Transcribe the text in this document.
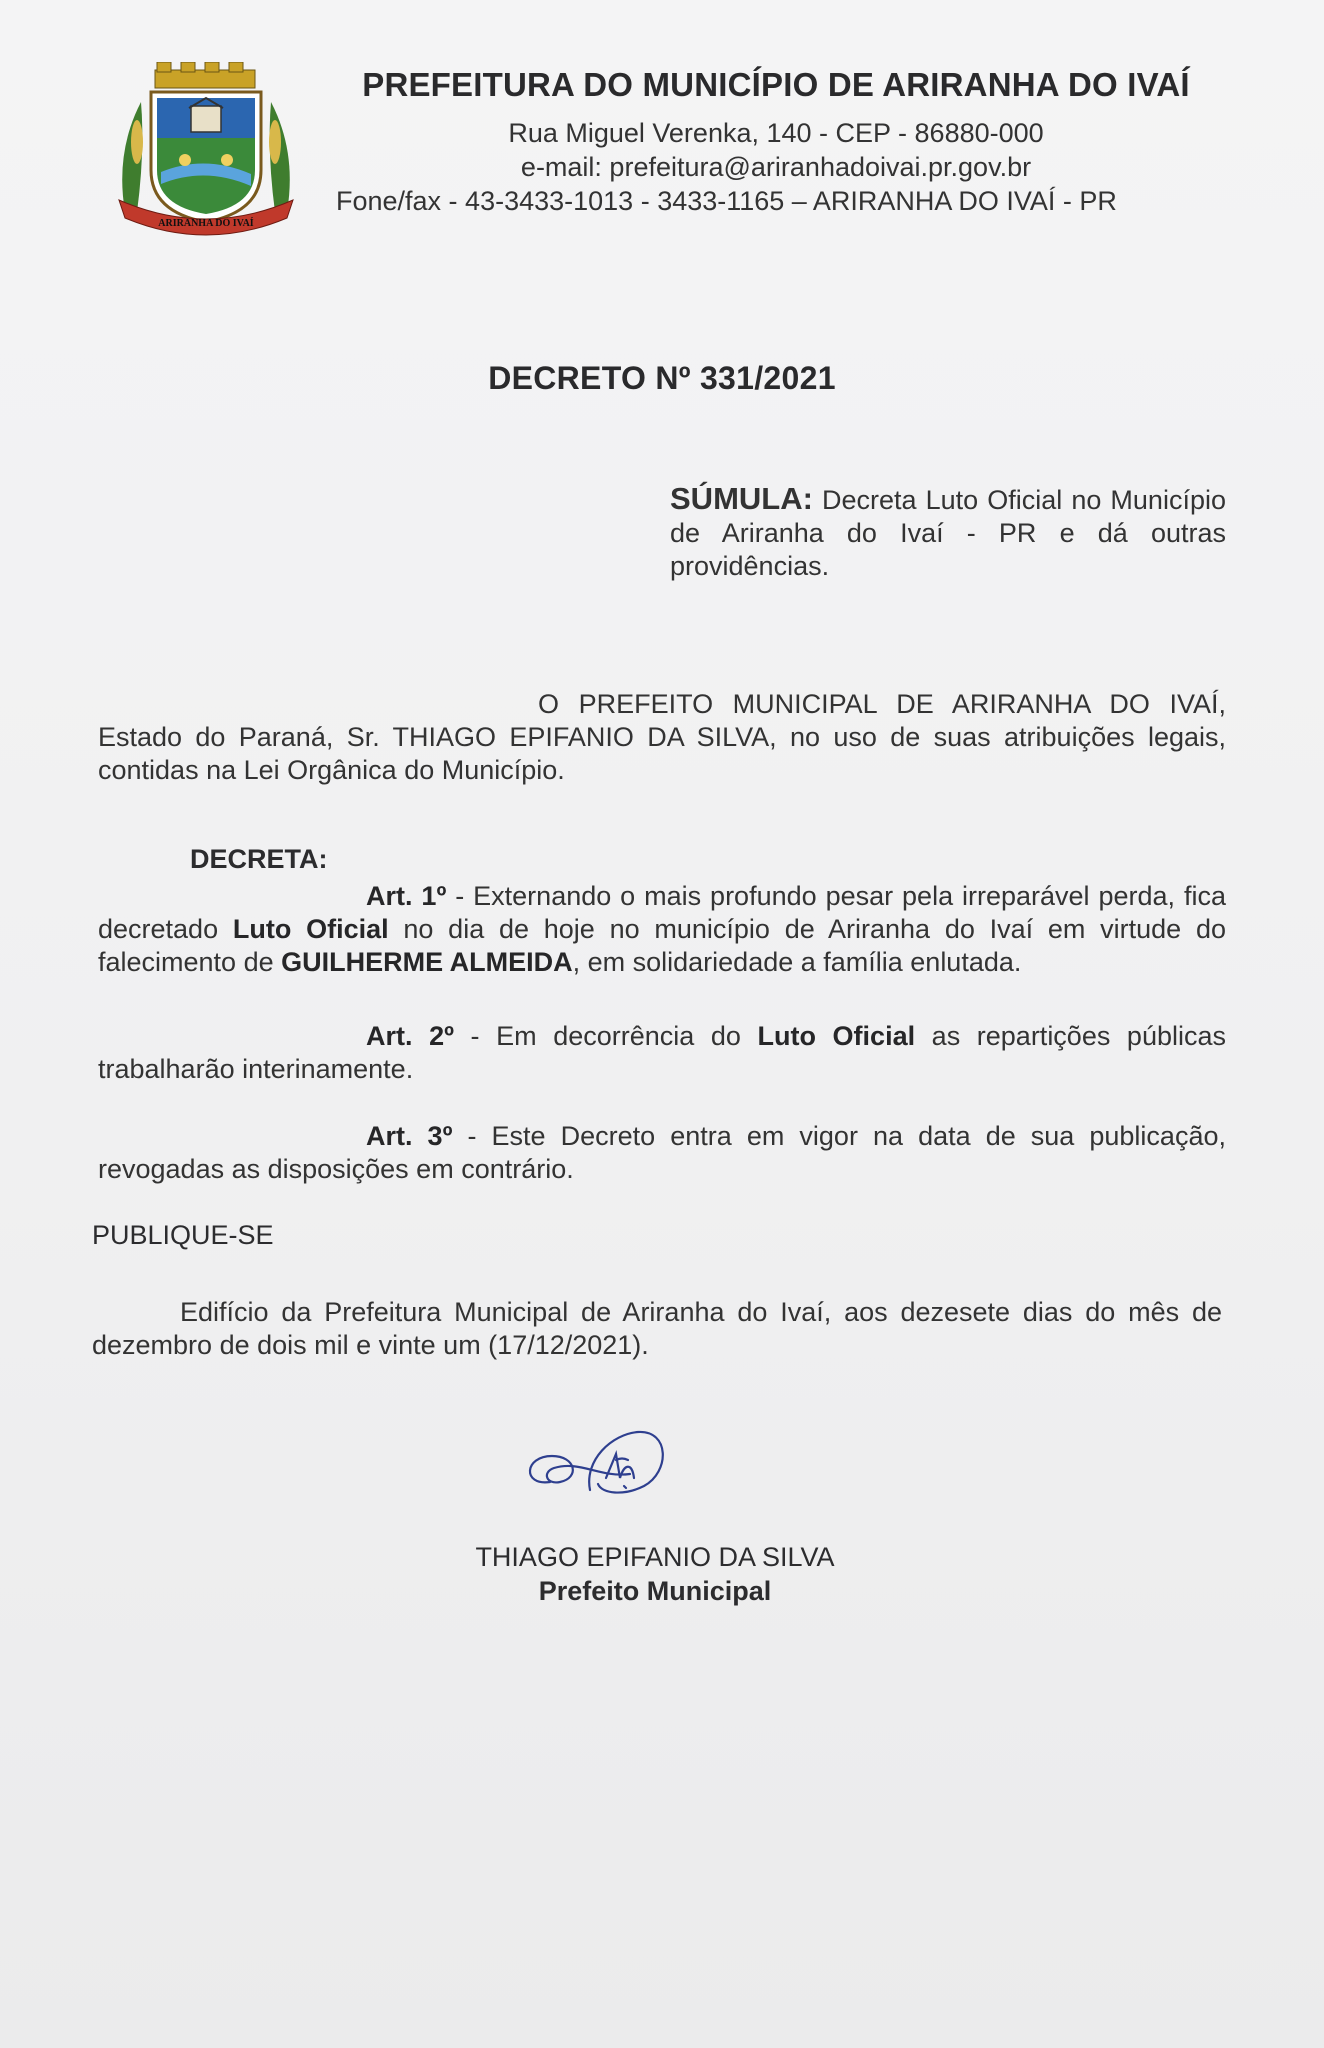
ARIRANHA DO IVAÍ
PREFEITURA DO MUNICÍPIO DE ARIRANHA DO IVAÍ
Rua Miguel Verenka, 140 - CEP - 86880-000
e-mail: prefeitura@ariranhadoivai.pr.gov.br
Fone/fax - 43-3433-1013 - 3433-1165 – ARIRANHA DO IVAÍ - PR
DECRETO Nº 331/2021
SÚMULA: Decreta Luto Oficial no Município de Ariranha do Ivaí - PR e dá outras providências.
O PREFEITO MUNICIPAL DE ARIRANHA DO IVAÍ, Estado do Paraná, Sr. THIAGO EPIFANIO DA SILVA, no uso de suas atribuições legais, contidas na Lei Orgânica do Município.
DECRETA:
Art. 1º - Externando o mais profundo pesar pela irreparável perda, fica decretado Luto Oficial no dia de hoje no município de Ariranha do Ivaí em virtude do falecimento de GUILHERME ALMEIDA, em solidariedade a família enlutada.
Art. 2º - Em decorrência do Luto Oficial as repartições públicas trabalharão interinamente.
Art. 3º - Este Decreto entra em vigor na data de sua publicação, revogadas as disposições em contrário.
PUBLIQUE-SE
Edifício da Prefeitura Municipal de Ariranha do Ivaí, aos dezesete dias do mês de dezembro de dois mil e vinte um (17/12/2021).
THIAGO EPIFANIO DA SILVA
Prefeito Municipal
